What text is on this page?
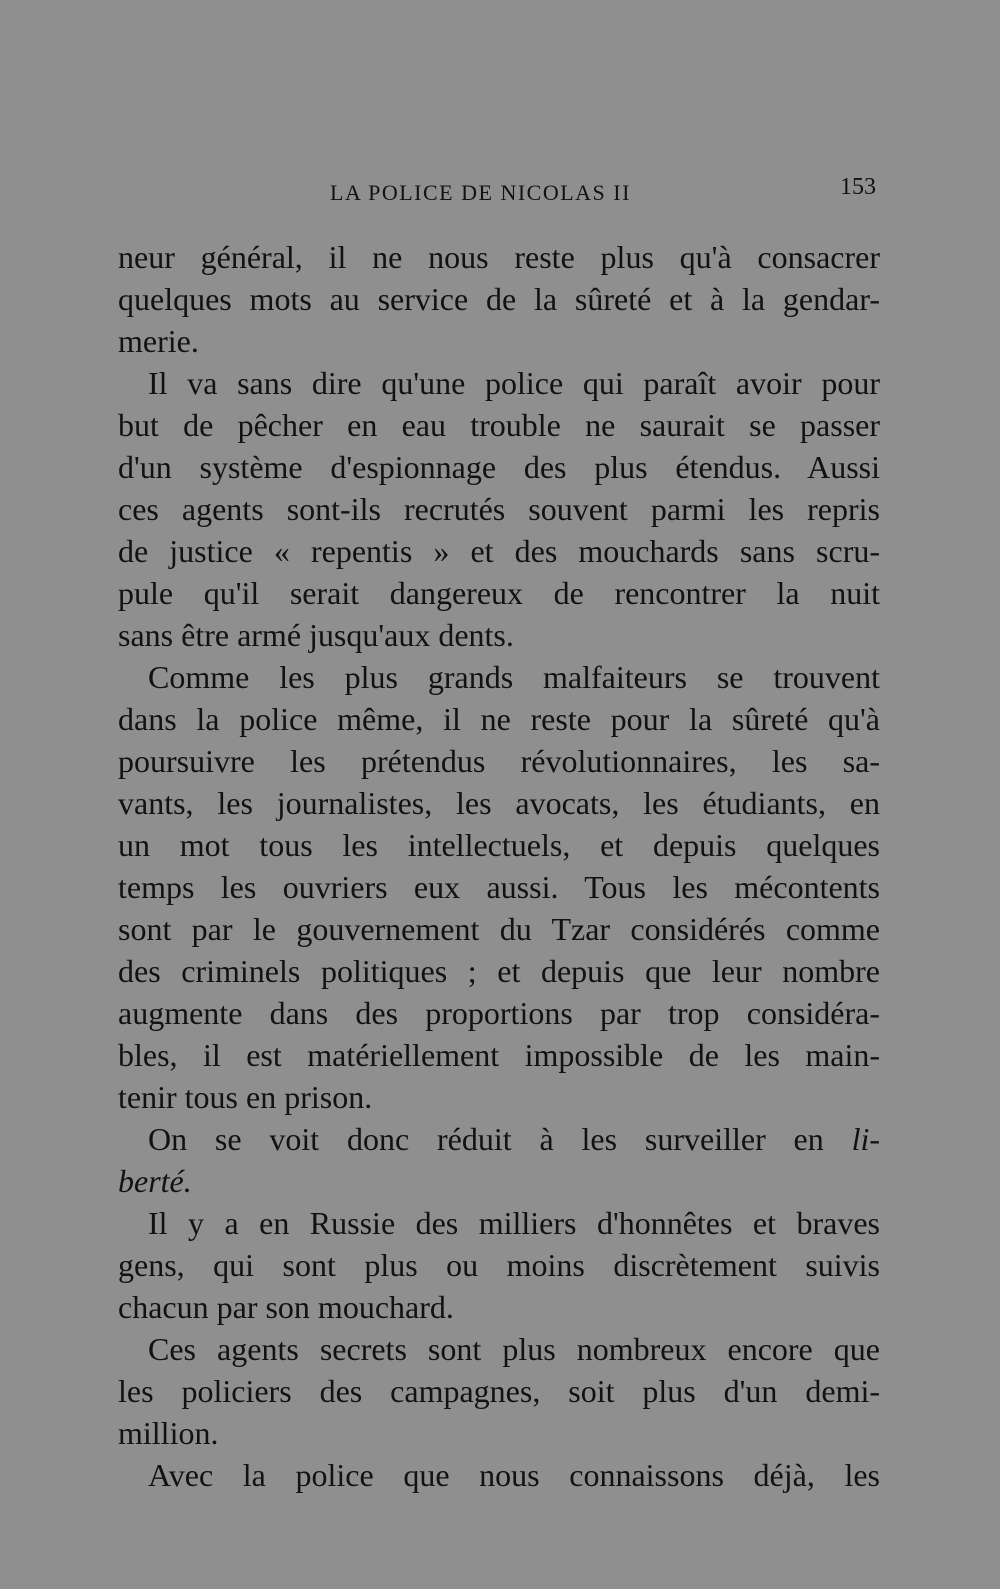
LA POLICE DE NICOLAS II	153
neur général, il ne nous reste plus qu'à consacrer
quelques mots au service de la sûreté et à la gendar-
merie.
Il va sans dire qu'une police qui paraît avoir pour
but de pêcher en eau trouble ne saurait se passer
d'un système d'espionnage des plus étendus. Aussi
ces agents sont-ils recrutés souvent parmi les repris
de justice « repentis » et des mouchards sans scru-
pule qu'il serait dangereux de rencontrer la nuit
sans être armé jusqu'aux dents.
Comme les plus grands malfaiteurs se trouvent
dans la police même, il ne reste pour la sûreté qu'à
poursuivre les prétendus révolutionnaires, les sa-
vants, les journalistes, les avocats, les étudiants, en
un mot tous les intellectuels, et depuis quelques
temps les ouvriers eux aussi. Tous les mécontents
sont par le gouvernement du Tzar considérés comme
des criminels politiques ; et depuis que leur nombre
augmente dans des proportions par trop considéra-
bles, il est matériellement impossible de les main-
tenir tous en prison.
On se voit donc réduit à les surveiller en li-
berté.
Il y a en Russie des milliers d'honnêtes et braves
gens, qui sont plus ou moins discrètement suivis
chacun par son mouchard.
Ces agents secrets sont plus nombreux encore que
les policiers des campagnes, soit plus d'un demi-
million.
Avec la police que nous connaissons déjà, les
